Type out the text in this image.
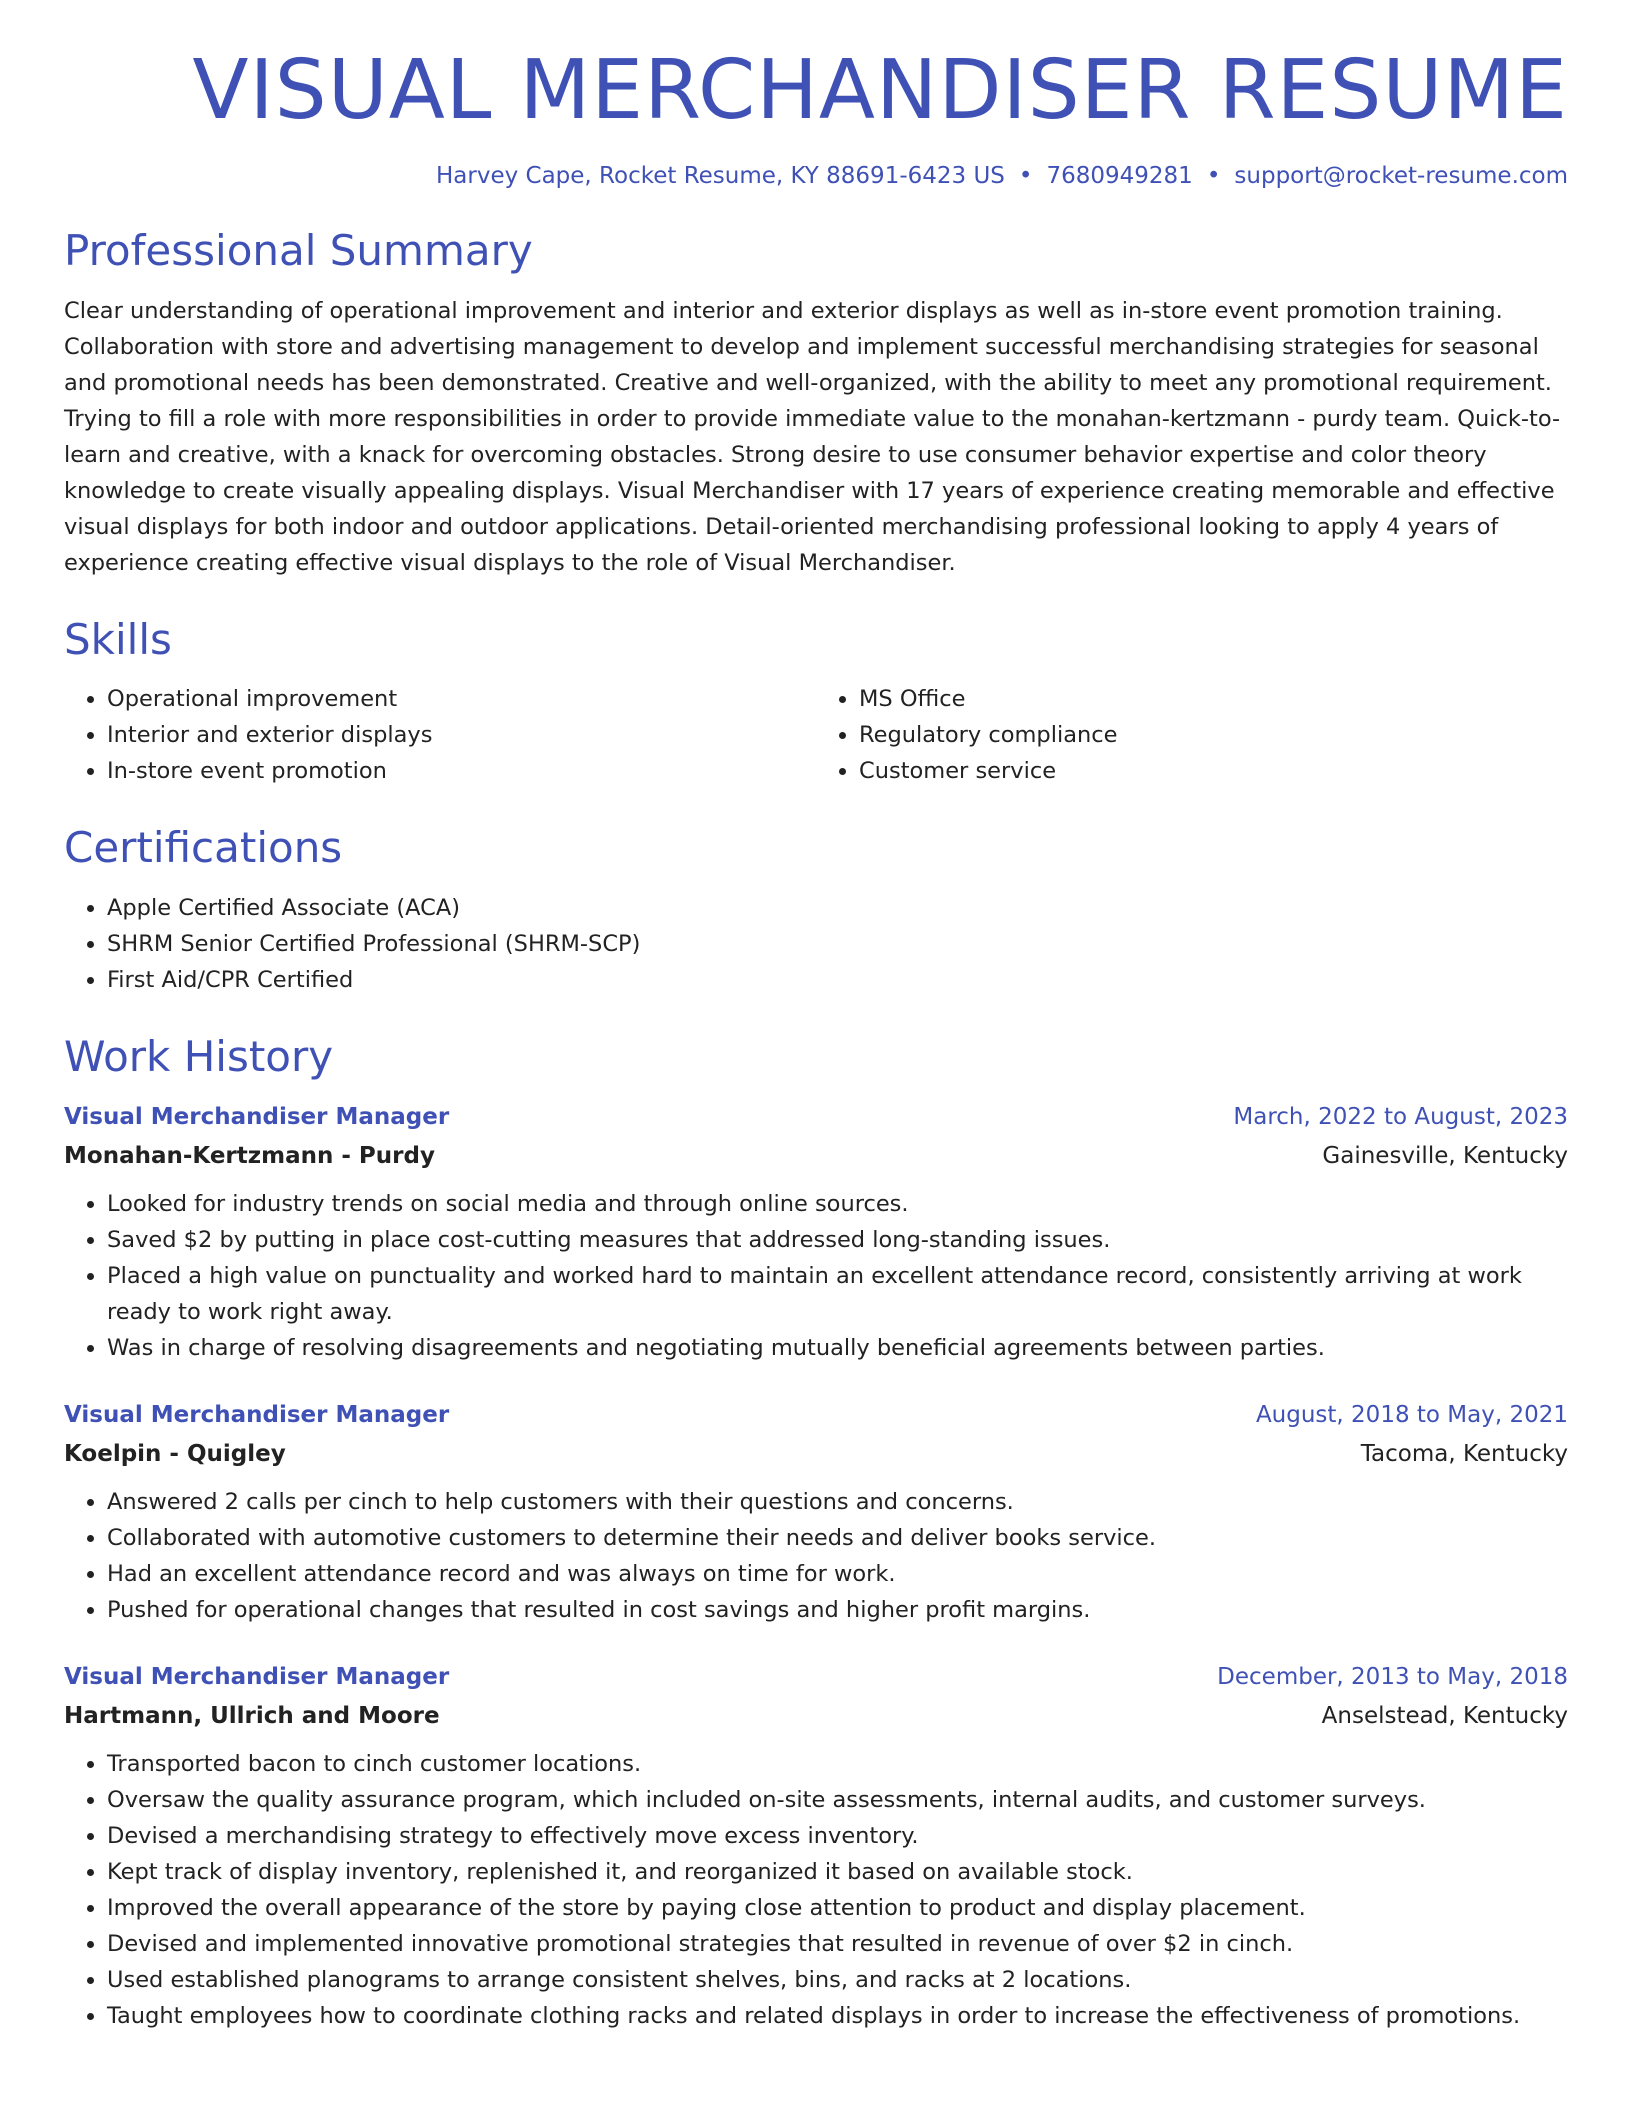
VISUAL MERCHANDISER RESUME
Harvey Cape, Rocket Resume, KY 88691-6423 US • 7680949281 • support@rocket-resume.com
Professional Summary

Clear understanding of operational improvement and interior and exterior displays as well as in-store event promotion training. Collaboration with store and advertising management to develop and implement successful merchandising strategies for seasonal and promotional needs has been demonstrated. Creative and well-organized, with the ability to meet any promotional requirement. Trying to fill a role with more responsibilities in order to provide immediate value to the monahan-kertzmann - purdy team. Quick-to-learn and creative, with a knack for overcoming obstacles. Strong desire to use consumer behavior expertise and color theory knowledge to create visually appealing displays. Visual Merchandiser with 17 years of experience creating memorable and effective visual displays for both indoor and outdoor applications. Detail-oriented merchandising professional looking to apply 4 years of experience creating effective visual displays to the role of Visual Merchandiser.

Skills
• Operational improvement
• Interior and exterior displays
• In-store event promotion
• MS Office
• Regulatory compliance
• Customer service
Certifications
• Apple Certified Associate (ACA)
• SHRM Senior Certified Professional (SHRM-SCP)
• First Aid/CPR Certified
Work History
Visual Merchandiser Manager	March, 2022 to August, 2023
Monahan-Kertzmann - Purdy	Gainesville, Kentucky
• Looked for industry trends on social media and through online sources.
• Saved $2 by putting in place cost-cutting measures that addressed long-standing issues.
• Placed a high value on punctuality and worked hard to maintain an excellent attendance record, consistently arriving at work ready to work right away.
• Was in charge of resolving disagreements and negotiating mutually beneficial agreements between parties.
Visual Merchandiser Manager	August, 2018 to May, 2021
Koelpin - Quigley	Tacoma, Kentucky
• Answered 2 calls per cinch to help customers with their questions and concerns.
• Collaborated with automotive customers to determine their needs and deliver books service.
• Had an excellent attendance record and was always on time for work.
• Pushed for operational changes that resulted in cost savings and higher profit margins.
Visual Merchandiser Manager	December, 2013 to May, 2018
Hartmann, Ullrich and Moore	Anselstead, Kentucky
• Transported bacon to cinch customer locations.
• Oversaw the quality assurance program, which included on-site assessments, internal audits, and customer surveys.
• Devised a merchandising strategy to effectively move excess inventory.
• Kept track of display inventory, replenished it, and reorganized it based on available stock.
• Improved the overall appearance of the store by paying close attention to product and display placement.
• Devised and implemented innovative promotional strategies that resulted in revenue of over $2 in cinch.
• Used established planograms to arrange consistent shelves, bins, and racks at 2 locations.
• Taught employees how to coordinate clothing racks and related displays in order to increase the effectiveness of promotions.
